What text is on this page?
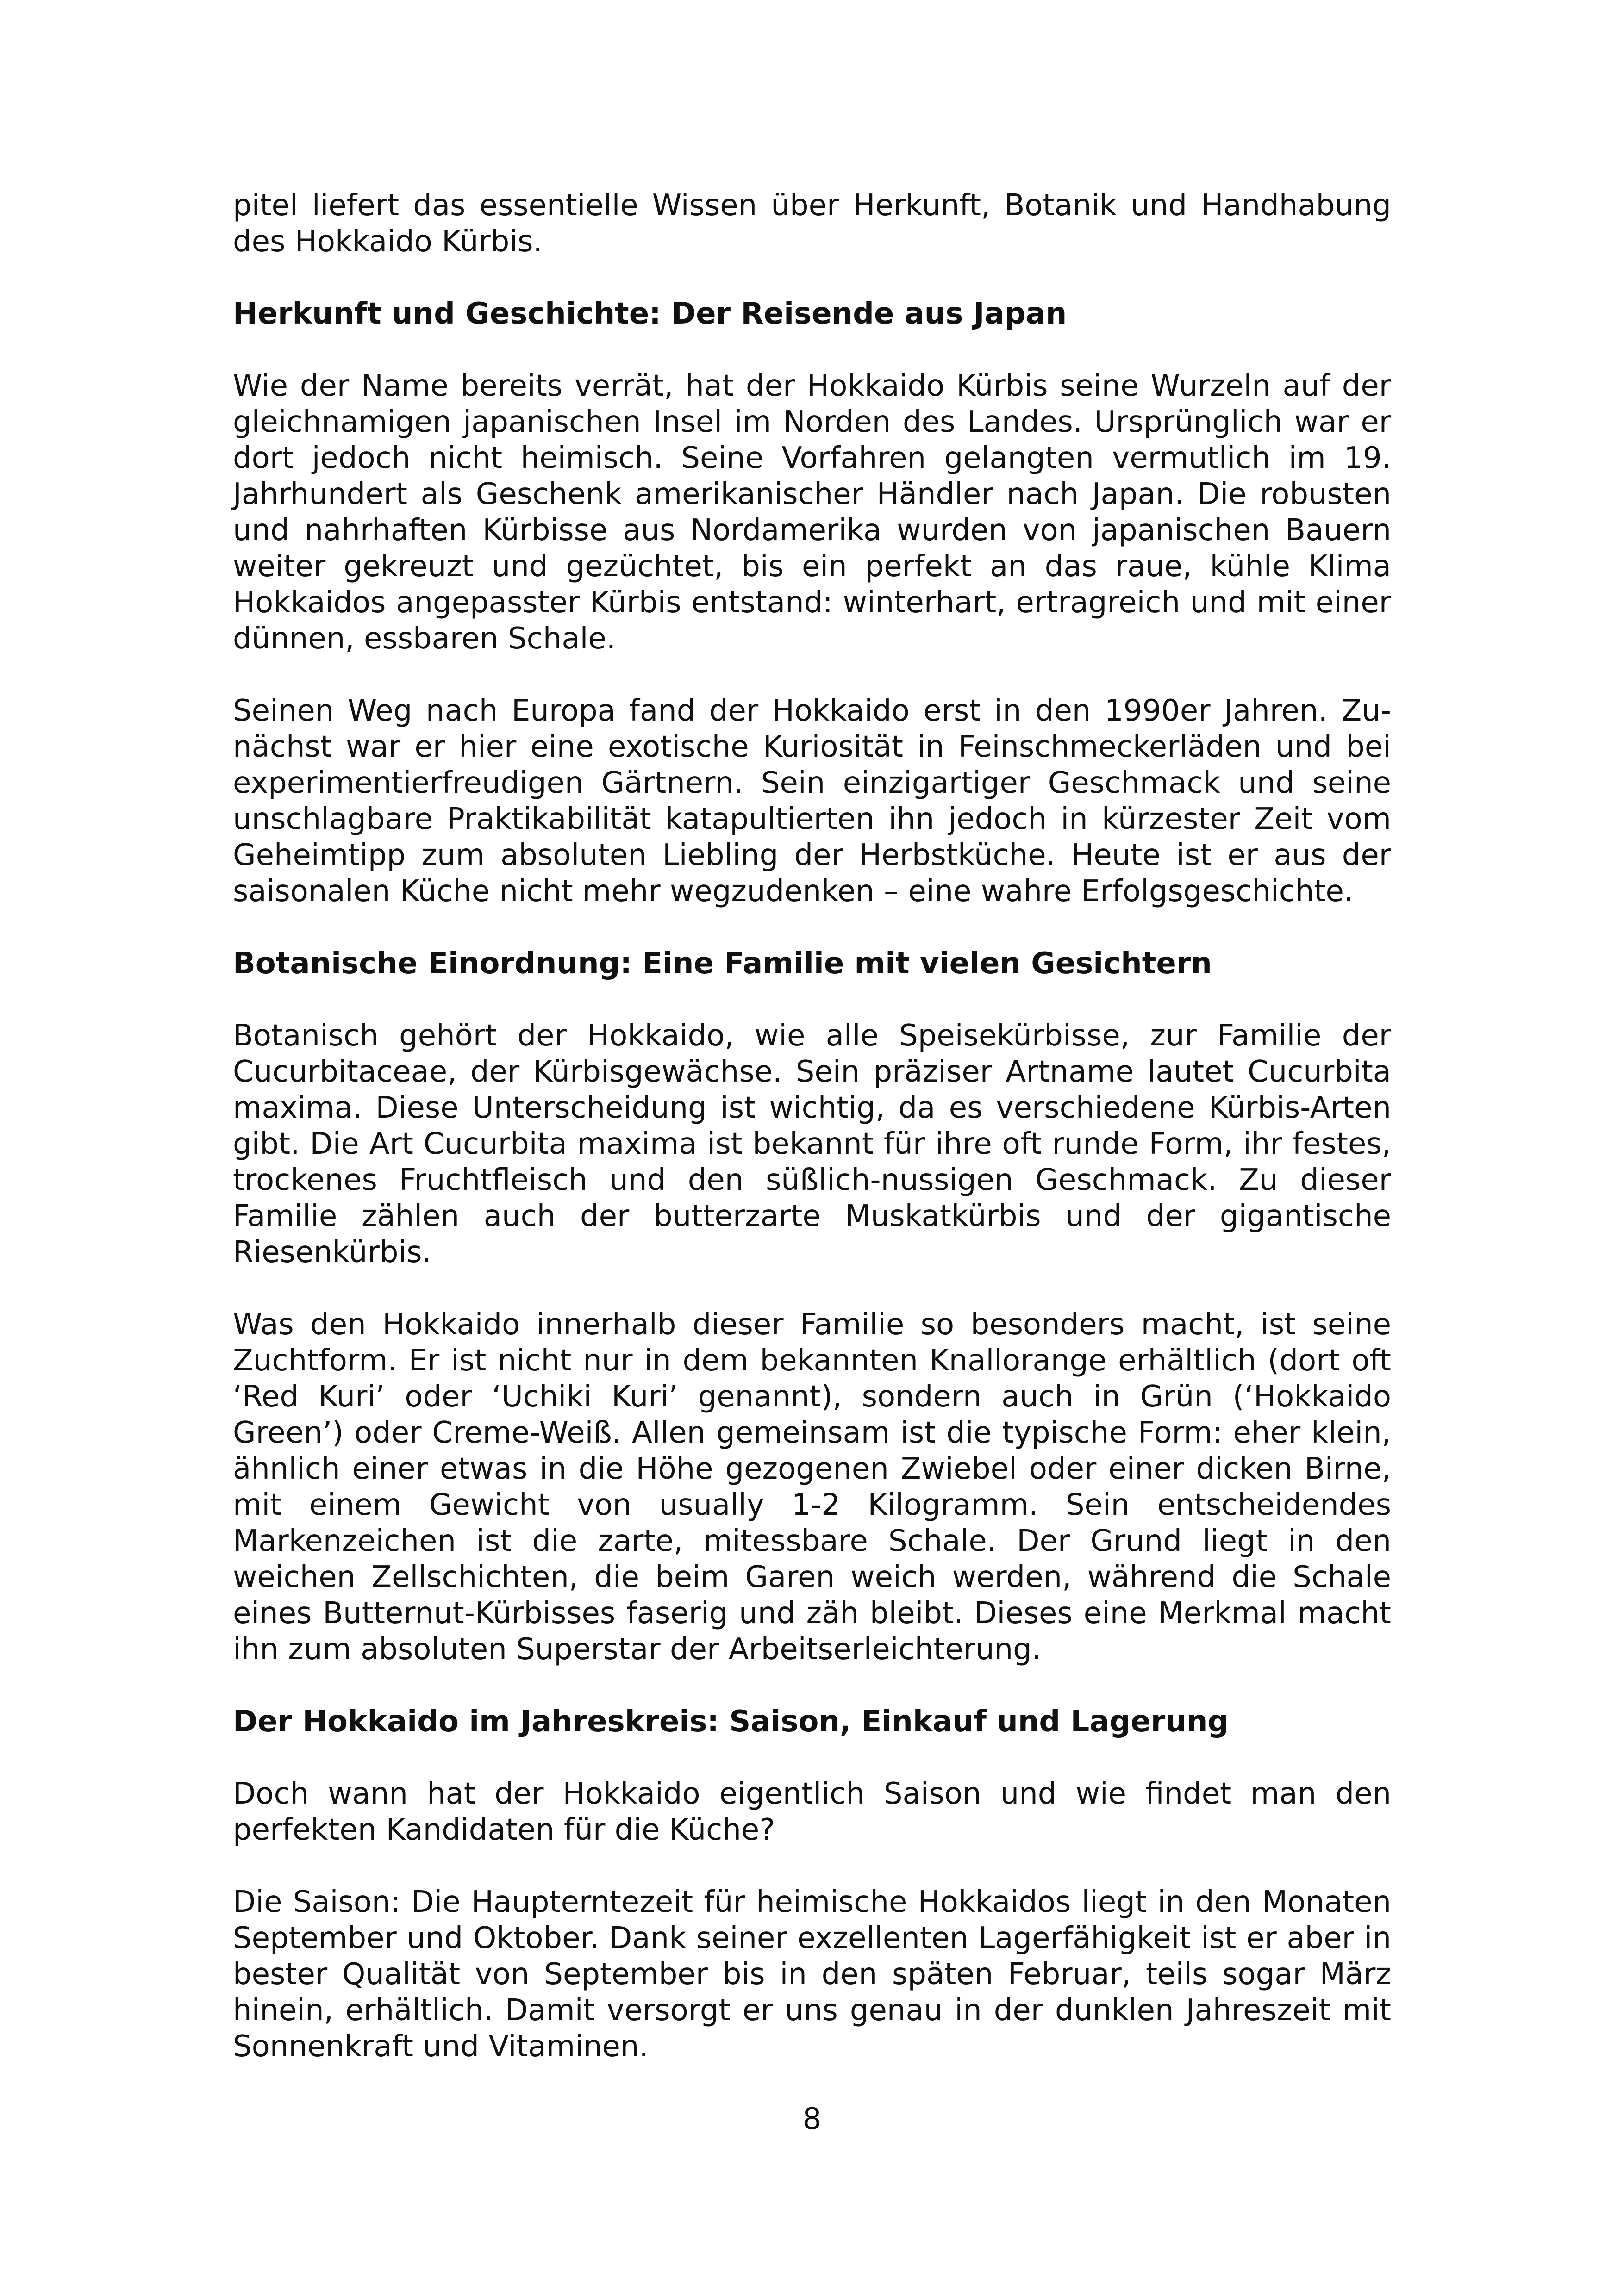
pitel liefert das essentielle Wissen über Herkunft, Botanik und Handhabung des Hokkaido Kürbis.

Herkunft und Geschichte: Der Reisende aus Japan

Wie der Name bereits verrät, hat der Hokkaido Kürbis seine Wurzeln auf der gleichnamigen japanischen Insel im Norden des Landes. Ursprünglich war er dort jedoch nicht heimisch. Seine Vorfahren gelangten vermutlich im 19. Jahrhundert als Geschenk amerikanischer Händler nach Japan. Die robusten und nahrhaften Kürbisse aus Nordamerika wurden von japanischen Bauern weiter gekreuzt und gezüchtet, bis ein perfekt an das raue, kühle Klima Hokkaidos angepasster Kürbis entstand: winterhart, ertragreich und mit einer dünnen, essbaren Schale.

Seinen Weg nach Europa fand der Hokkaido erst in den 1990er Jahren. Zunächst war er hier eine exotische Kuriosität in Feinschmeckerläden und bei experimentierfreudigen Gärtnern. Sein einzigartiger Geschmack und seine unschlagbare Praktikabilität katapultierten ihn jedoch in kürzester Zeit vom Geheimtipp zum absoluten Liebling der Herbstküche. Heute ist er aus der saisonalen Küche nicht mehr wegzudenken – eine wahre Erfolgsgeschichte.

Botanische Einordnung: Eine Familie mit vielen Gesichtern

Botanisch gehört der Hokkaido, wie alle Speisekürbisse, zur Familie der Cucurbitaceae, der Kürbisgewächse. Sein präziser Artname lautet Cucurbita maxima. Diese Unterscheidung ist wichtig, da es verschiedene Kürbis-Arten gibt. Die Art Cucurbita maxima ist bekannt für ihre oft runde Form, ihr festes, trockenes Fruchtfleisch und den süßlich-nussigen Geschmack. Zu dieser Familie zählen auch der butterzarte Muskatkürbis und der gigantische Riesenkürbis.

Was den Hokkaido innerhalb dieser Familie so besonders macht, ist seine Zuchtform. Er ist nicht nur in dem bekannten Knallorange erhältlich (dort oft ‘Red Kuri’ oder ‘Uchiki Kuri’ genannt), sondern auch in Grün (‘Hokkaido Green’) oder Creme-Weiß. Allen gemeinsam ist die typische Form: eher klein, ähnlich einer etwas in die Höhe gezogenen Zwiebel oder einer dicken Birne, mit einem Gewicht von usually 1-2 Kilogramm. Sein entscheidendes Markenzeichen ist die zarte, mitessbare Schale. Der Grund liegt in den weichen Zellschichten, die beim Garen weich werden, während die Schale eines Butternut-Kürbisses faserig und zäh bleibt. Dieses eine Merkmal macht ihn zum absoluten Superstar der Arbeitserleichterung.

Der Hokkaido im Jahreskreis: Saison, Einkauf und Lagerung

Doch wann hat der Hokkaido eigentlich Saison und wie findet man den perfekten Kandidaten für die Küche?

Die Saison: Die Haupterntezeit für heimische Hokkaidos liegt in den Monaten September und Oktober. Dank seiner exzellenten Lagerfähigkeit ist er aber in bester Qualität von September bis in den späten Februar, teils sogar März hinein, erhältlich. Damit versorgt er uns genau in der dunklen Jahreszeit mit Sonnenkraft und Vitaminen.

8
